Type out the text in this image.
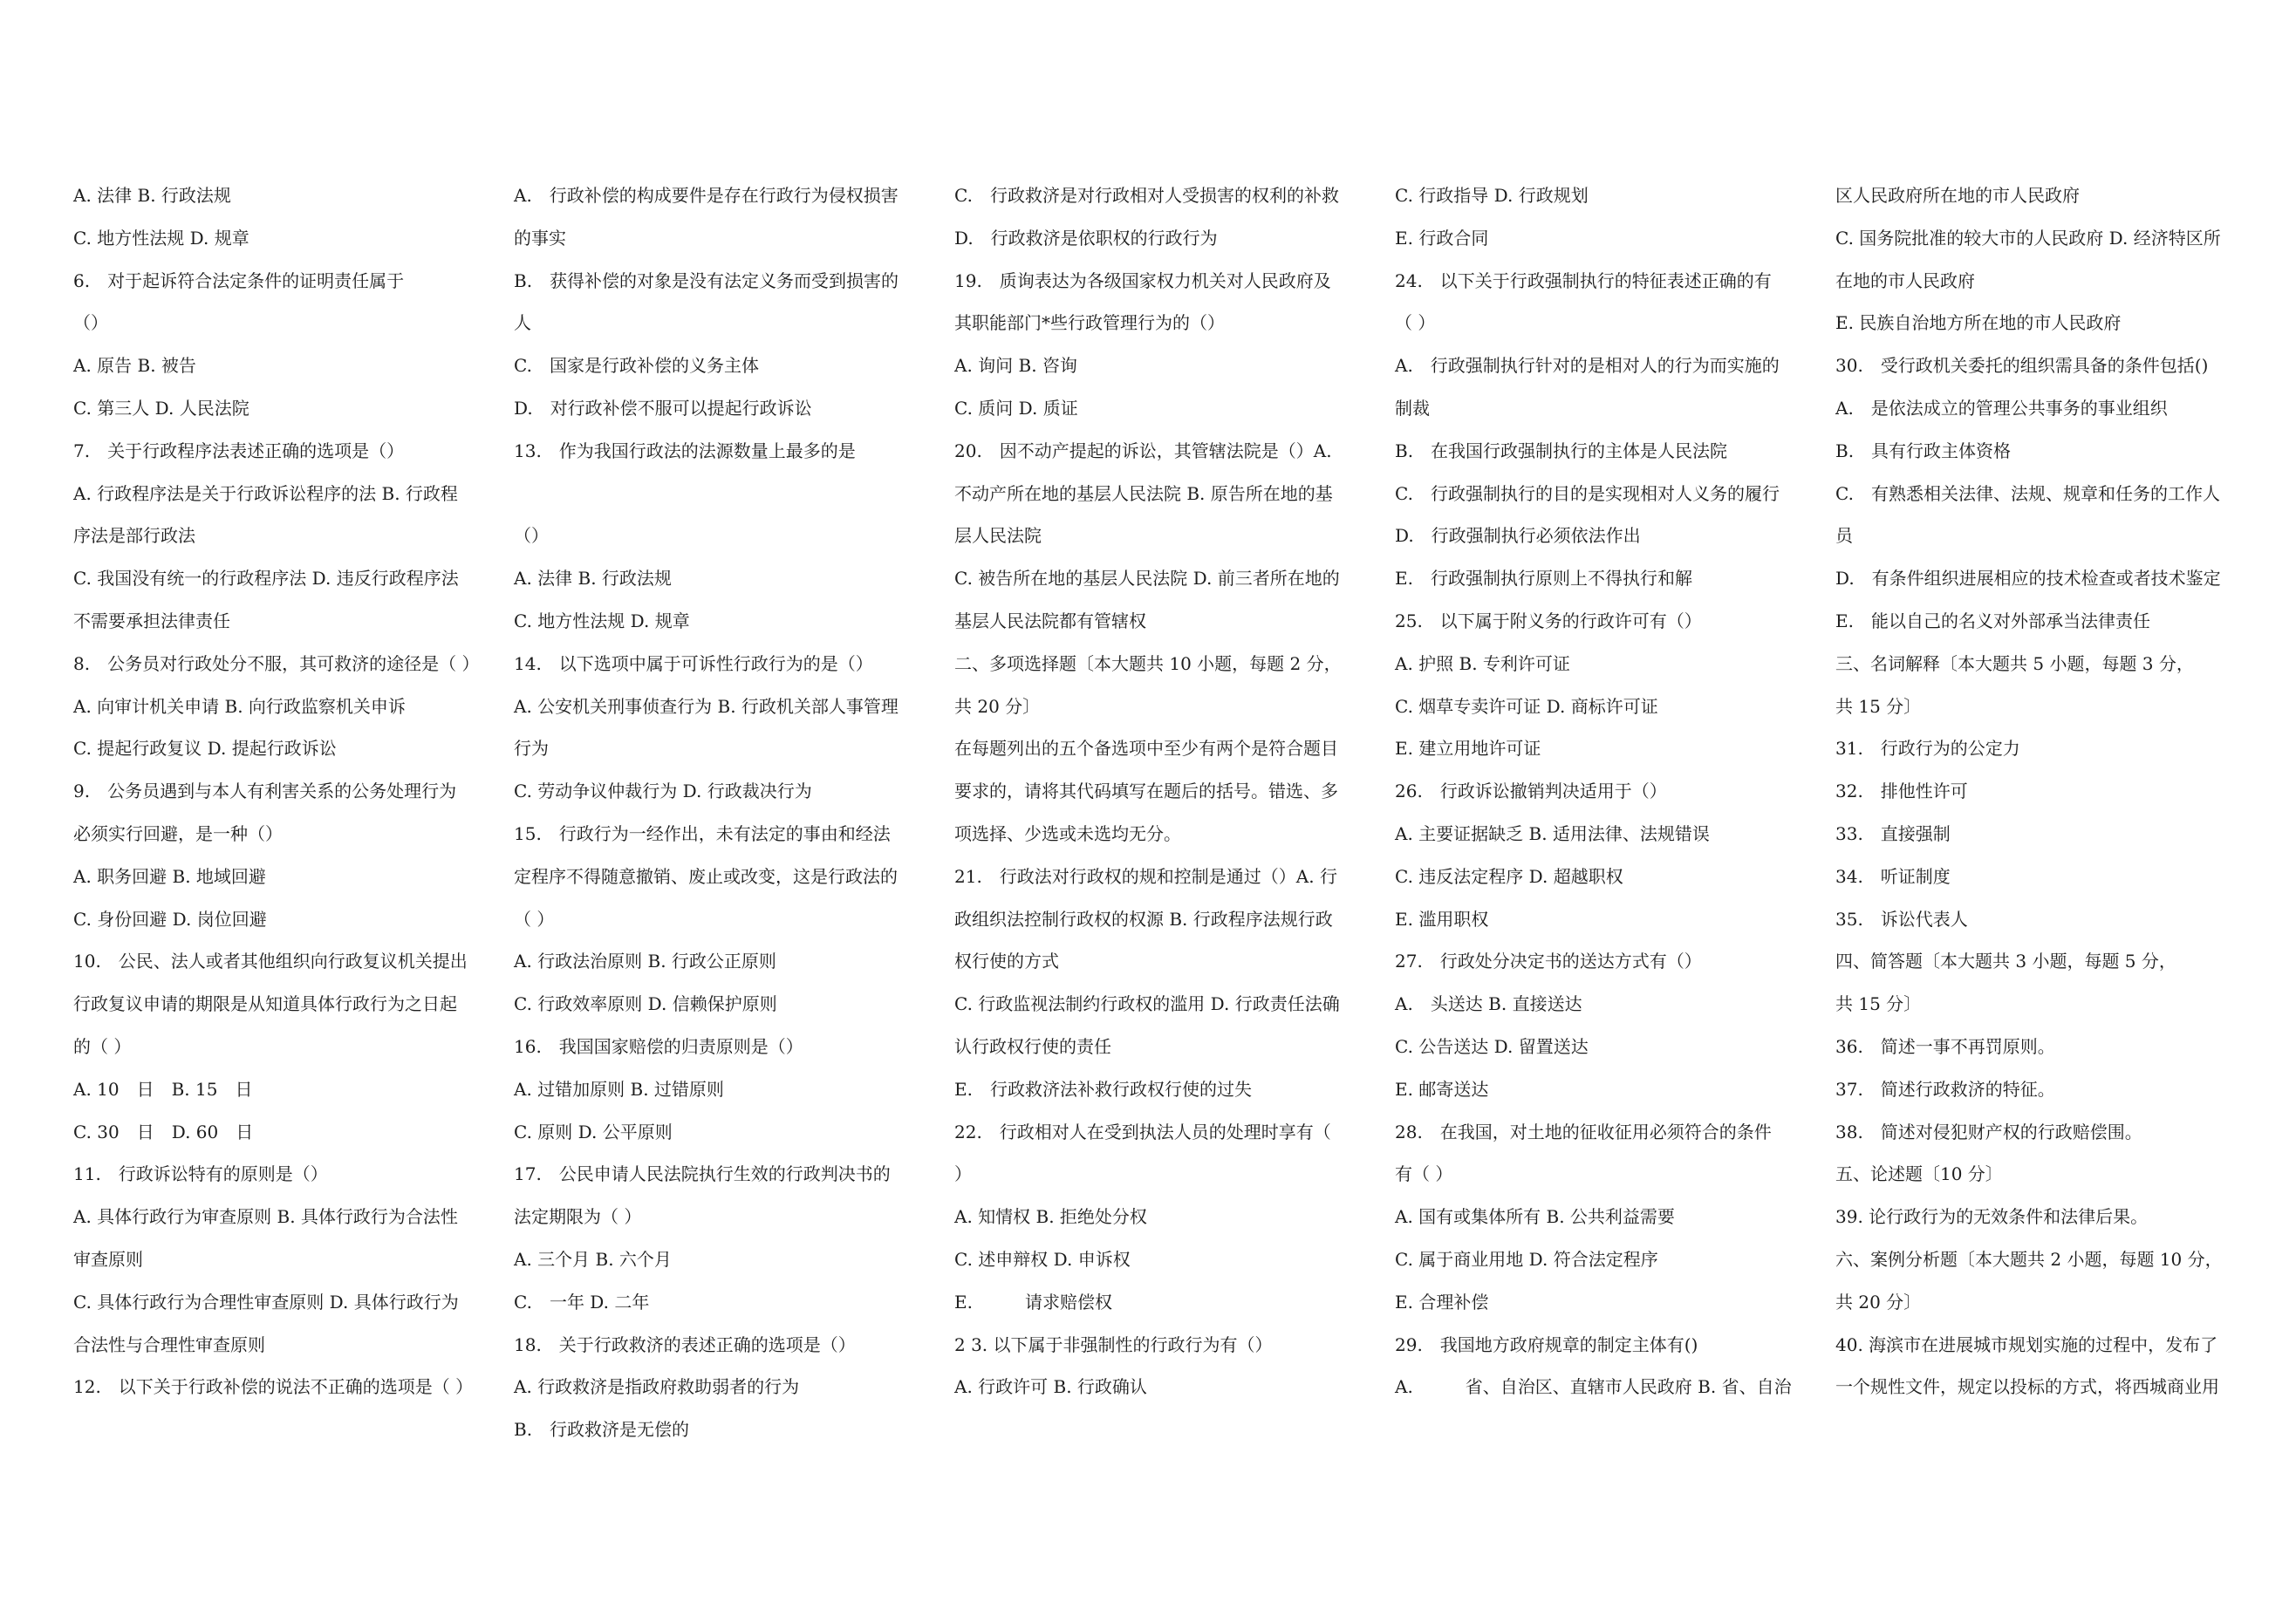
A. 法律 B. 行政法规
C. 地方性法规 D. 规章
6.　对于起诉符合法定条件的证明责任属于
（）
A. 原告 B. 被告
C. 第三人 D. 人民法院
7.　关于行政程序法表述正确的选项是（）
A. 行政程序法是关于行政诉讼程序的法 B. 行政程
序法是部行政法
C. 我国没有统一的行政程序法 D. 违反行政程序法
不需要承担法律责任
8.　公务员对行政处分不服，其可救济的途径是（ ）
A. 向审计机关申请 B. 向行政监察机关申诉
C. 提起行政复议 D. 提起行政诉讼
9.　公务员遇到与本人有利害关系的公务处理行为
必须实行回避，是一种（）
A. 职务回避 B. 地域回避
C. 身份回避 D. 岗位回避
10.　公民、法人或者其他组织向行政复议机关提出
行政复议申请的期限是从知道具体行政行为之日起
的（ ）
A. 10　日　B. 15　日
C. 30　日　D. 60　日
11.　行政诉讼特有的原则是（）
A. 具体行政行为审查原则 B. 具体行政行为合法性
审查原则
C. 具体行政行为合理性审查原则 D. 具体行政行为
合法性与合理性审查原则
12.　以下关于行政补偿的说法不正确的选项是（ ）
A.　行政补偿的构成要件是存在行政行为侵权损害
的事实
B.　获得补偿的对象是没有法定义务而受到损害的
人
C.　国家是行政补偿的义务主体
D.　对行政补偿不服可以提起行政诉讼
13.　作为我国行政法的法源数量上最多的是
（）
A. 法律 B. 行政法规
C. 地方性法规 D. 规章
14.　以下选项中属于可诉性行政行为的是（）
A. 公安机关刑事侦查行为 B. 行政机关部人事管理
行为
C. 劳动争议仲裁行为 D. 行政裁决行为
15.　行政行为一经作出，未有法定的事由和经法
定程序不得随意撤销、废止或改变，这是行政法的
（ ）
A. 行政法治原则 B. 行政公正原则
C. 行政效率原则 D. 信赖保护原则
16.　我国国家赔偿的归责原则是（）
A. 过错加原则 B. 过错原则
C. 原则 D. 公平原则
17.　公民申请人民法院执行生效的行政判决书的
法定期限为（ ）
A. 三个月 B. 六个月
C.　一年 D. 二年
18.　关于行政救济的表述正确的选项是（）
A. 行政救济是指政府救助弱者的行为
B.　行政救济是无偿的
C.　行政救济是对行政相对人受损害的权利的补救
D.　行政救济是依职权的行政行为
19.　质询表达为各级国家权力机关对人民政府及
其职能部门*些行政管理行为的（）
A. 询问 B. 咨询
C. 质问 D. 质证
20.　因不动产提起的诉讼，其管辖法院是（）A.
不动产所在地的基层人民法院 B. 原告所在地的基
层人民法院
C. 被告所在地的基层人民法院 D. 前三者所在地的
基层人民法院都有管辖权
二、多项选择题〔本大题共 10 小题，每题 2 分，
共 20 分〕
在每题列出的五个备选项中至少有两个是符合题目
要求的，请将其代码填写在题后的括号。错选、多
项选择、少选或未选均无分。
21.　行政法对行政权的规和控制是通过（）A. 行
政组织法控制行政权的权源 B. 行政程序法规行政
权行使的方式
C. 行政监视法制约行政权的滥用 D. 行政责任法确
认行政权行使的责任
E.　行政救济法补救行政权行使的过失
22.　行政相对人在受到执法人员的处理时享有（
）
A. 知情权 B. 拒绝处分权
C. 述申辩权 D. 申诉权
E.　　　请求赔偿权
2 3. 以下属于非强制性的行政行为有（）
A. 行政许可 B. 行政确认
C. 行政指导 D. 行政规划
E. 行政合同
24.　以下关于行政强制执行的特征表述正确的有
（ ）
A.　行政强制执行针对的是相对人的行为而实施的
制裁
B.　在我国行政强制执行的主体是人民法院
C.　行政强制执行的目的是实现相对人义务的履行
D.　行政强制执行必须依法作出
E.　行政强制执行原则上不得执行和解
25.　以下属于附义务的行政许可有（）
A. 护照 B. 专利许可证
C. 烟草专卖许可证 D. 商标许可证
E. 建立用地许可证
26.　行政诉讼撤销判决适用于（）
A. 主要证据缺乏 B. 适用法律、法规错误
C. 违反法定程序 D. 超越职权
E. 滥用职权
27.　行政处分决定书的送达方式有（）
A.　头送达 B. 直接送达
C. 公告送达 D. 留置送达
E. 邮寄送达
28.　在我国，对土地的征收征用必须符合的条件
有（ ）
A. 国有或集体所有 B. 公共利益需要
C. 属于商业用地 D. 符合法定程序
E. 合理补偿
29.　我国地方政府规章的制定主体有()
A.　　　省、自治区、直辖市人民政府 B. 省、自治
区人民政府所在地的市人民政府
C. 国务院批准的较大市的人民政府 D. 经济特区所
在地的市人民政府
E. 民族自治地方所在地的市人民政府
30.　受行政机关委托的组织需具备的条件包括()
A.　是依法成立的管理公共事务的事业组织
B.　具有行政主体资格
C.　有熟悉相关法律、法规、规章和任务的工作人
员
D.　有条件组织进展相应的技术检查或者技术鉴定
E.　能以自己的名义对外部承当法律责任
三、名词解释〔本大题共 5 小题，每题 3 分，
共 15 分〕
31.　行政行为的公定力
32.　排他性许可
33.　直接强制
34.　听证制度
35.　诉讼代表人
四、简答题〔本大题共 3 小题，每题 5 分，
共 15 分〕
36.　简述一事不再罚原则。
37.　简述行政救济的特征。
38.　简述对侵犯财产权的行政赔偿围。
五、论述题〔10 分〕
39. 论行政行为的无效条件和法律后果。
六、案例分析题〔本大题共 2 小题，每题 10 分，
共 20 分〕
40. 海滨市在进展城市规划实施的过程中，发布了
一个规性文件，规定以投标的方式，将西城商业用
